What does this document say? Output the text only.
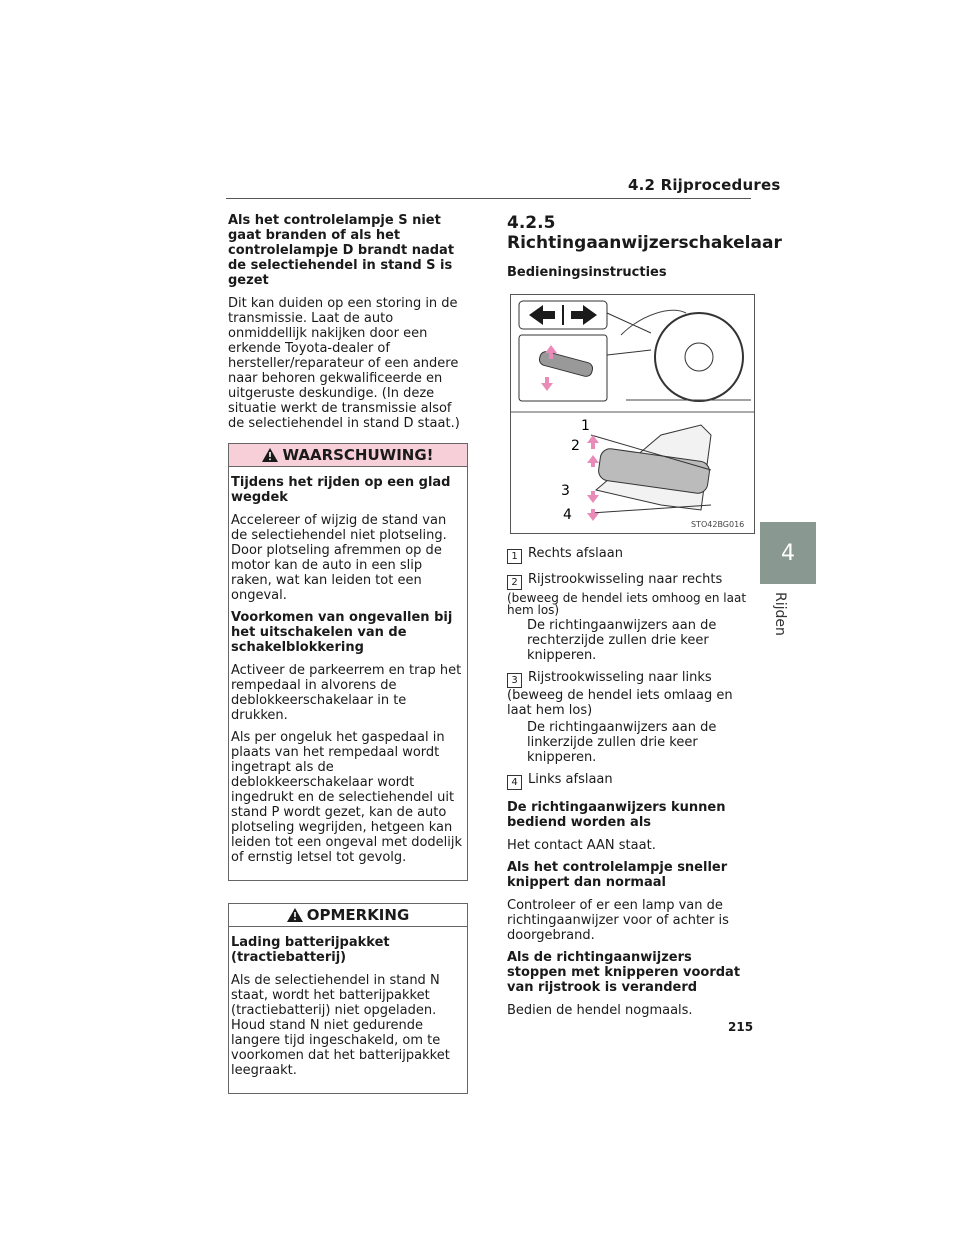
4.2 Rijprocedures
4
Rijden
Als het controlelampje S niet gaat branden of als het controlelampje D brandt nadat de selectiehendel in stand S is gezet

Dit kan duiden op een storing in de transmissie. Laat de auto onmiddellijk nakijken door een erkende Toyota-dealer of hersteller/reparateur of een andere naar behoren gekwalificeerde en uitgeruste deskundige. (In deze situatie werkt de transmissie alsof de selectiehendel in stand D staat.)

WAARSCHUWING!
Tijdens het rijden op een glad wegdek

Accelereer of wijzig de stand van de selectiehendel niet plotseling. Door plotseling afremmen op de motor kan de auto in een slip raken, wat kan leiden tot een ongeval.

Voorkomen van ongevallen bij het uitschakelen van de schakelblokkering

Activeer de parkeerrem en trap het rempedaal in alvorens de deblokkeerschakelaar in te drukken.

Als per ongeluk het gaspedaal in plaats van het rempedaal wordt ingetrapt als de deblokkeerschakelaar wordt ingedrukt en de selectiehendel uit stand P wordt gezet, kan de auto plotseling wegrijden, hetgeen kan leiden tot een ongeval met dodelijk of ernstig letsel tot gevolg.

OPMERKING
Lading batterijpakket (tractiebatterij)

Als de selectiehendel in stand N staat, wordt het batterijpakket (tractiebatterij) niet opgeladen. Houd stand N niet gedurende langere tijd ingeschakeld, om te voorkomen dat het batterijpakket leegraakt.

4.2.5 Richtingaanwijzerschakelaar
Bedieningsinstructies
1
2
3
4
STO42BG016

1 Rechts afslaan

2 Rijstrookwisseling naar rechts

(beweeg de hendel iets omhoog en laat hem los)

De richtingaanwijzers aan de rechterzijde zullen drie keer knipperen.

3 Rijstrookwisseling naar links (beweeg de hendel iets omlaag en laat hem los)

De richtingaanwijzers aan de linkerzijde zullen drie keer knipperen.

4 Links afslaan

De richtingaanwijzers kunnen bediend worden als

Het contact AAN staat.

Als het controlelampje sneller knippert dan normaal

Controleer of er een lamp van de richtingaanwijzer voor of achter is doorgebrand.

Als de richtingaanwijzers stoppen met knipperen voordat van rijstrook is veranderd

Bedien de hendel nogmaals.

215
